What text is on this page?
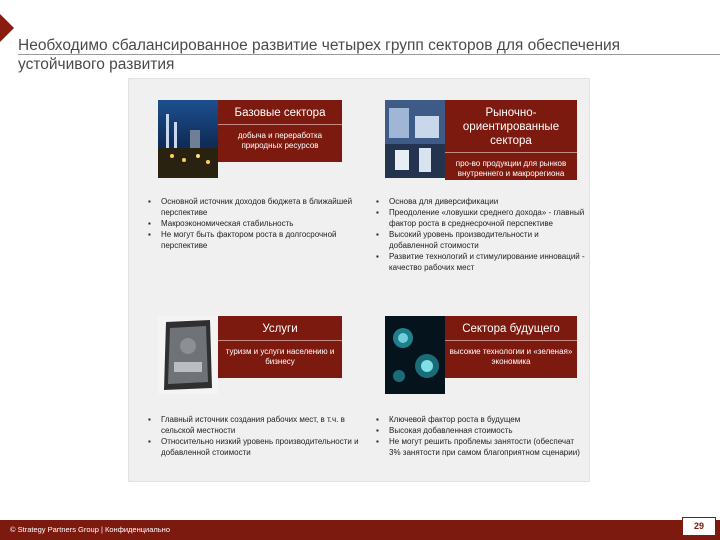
Необходимо сбалансированное развитие четырех групп секторов для обеспечения устойчивого развития
Базовые сектора
добыча и переработка природных ресурсов
▪ Основной источник доходов бюджета в ближайшей перспективе
▪ Макроэкономическая стабильность
▪ Не могут быть фактором роста в долгосрочной перспективе
Рыночно-ориентированные сектора
про-во продукции для рынков внутреннего и макрорегиона
▪ Основа для диверсификации
▪ Преодоление «ловушки среднего дохода» - главный фактор роста в среднесрочной перспективе
▪ Высокий уровень производительности и добавленной стоимости
▪ Развитие технологий и стимулирование инноваций - качество рабочих мест
Услуги
туризм и услуги населению и бизнесу
▪ Главный источник создания рабочих мест, в т.ч. в сельской местности
▪ Относительно низкий уровень производительности и добавленной стоимости
Сектора будущего
высокие технологии и «зеленая» экономика
▪ Ключевой фактор роста в будущем
▪ Высокая добавленная стоимость
▪ Не могут решить проблемы занятости (обеспечат 3% занятости при самом благоприятном сценарии)
© Strategy Partners Group | Конфиденциально	29
